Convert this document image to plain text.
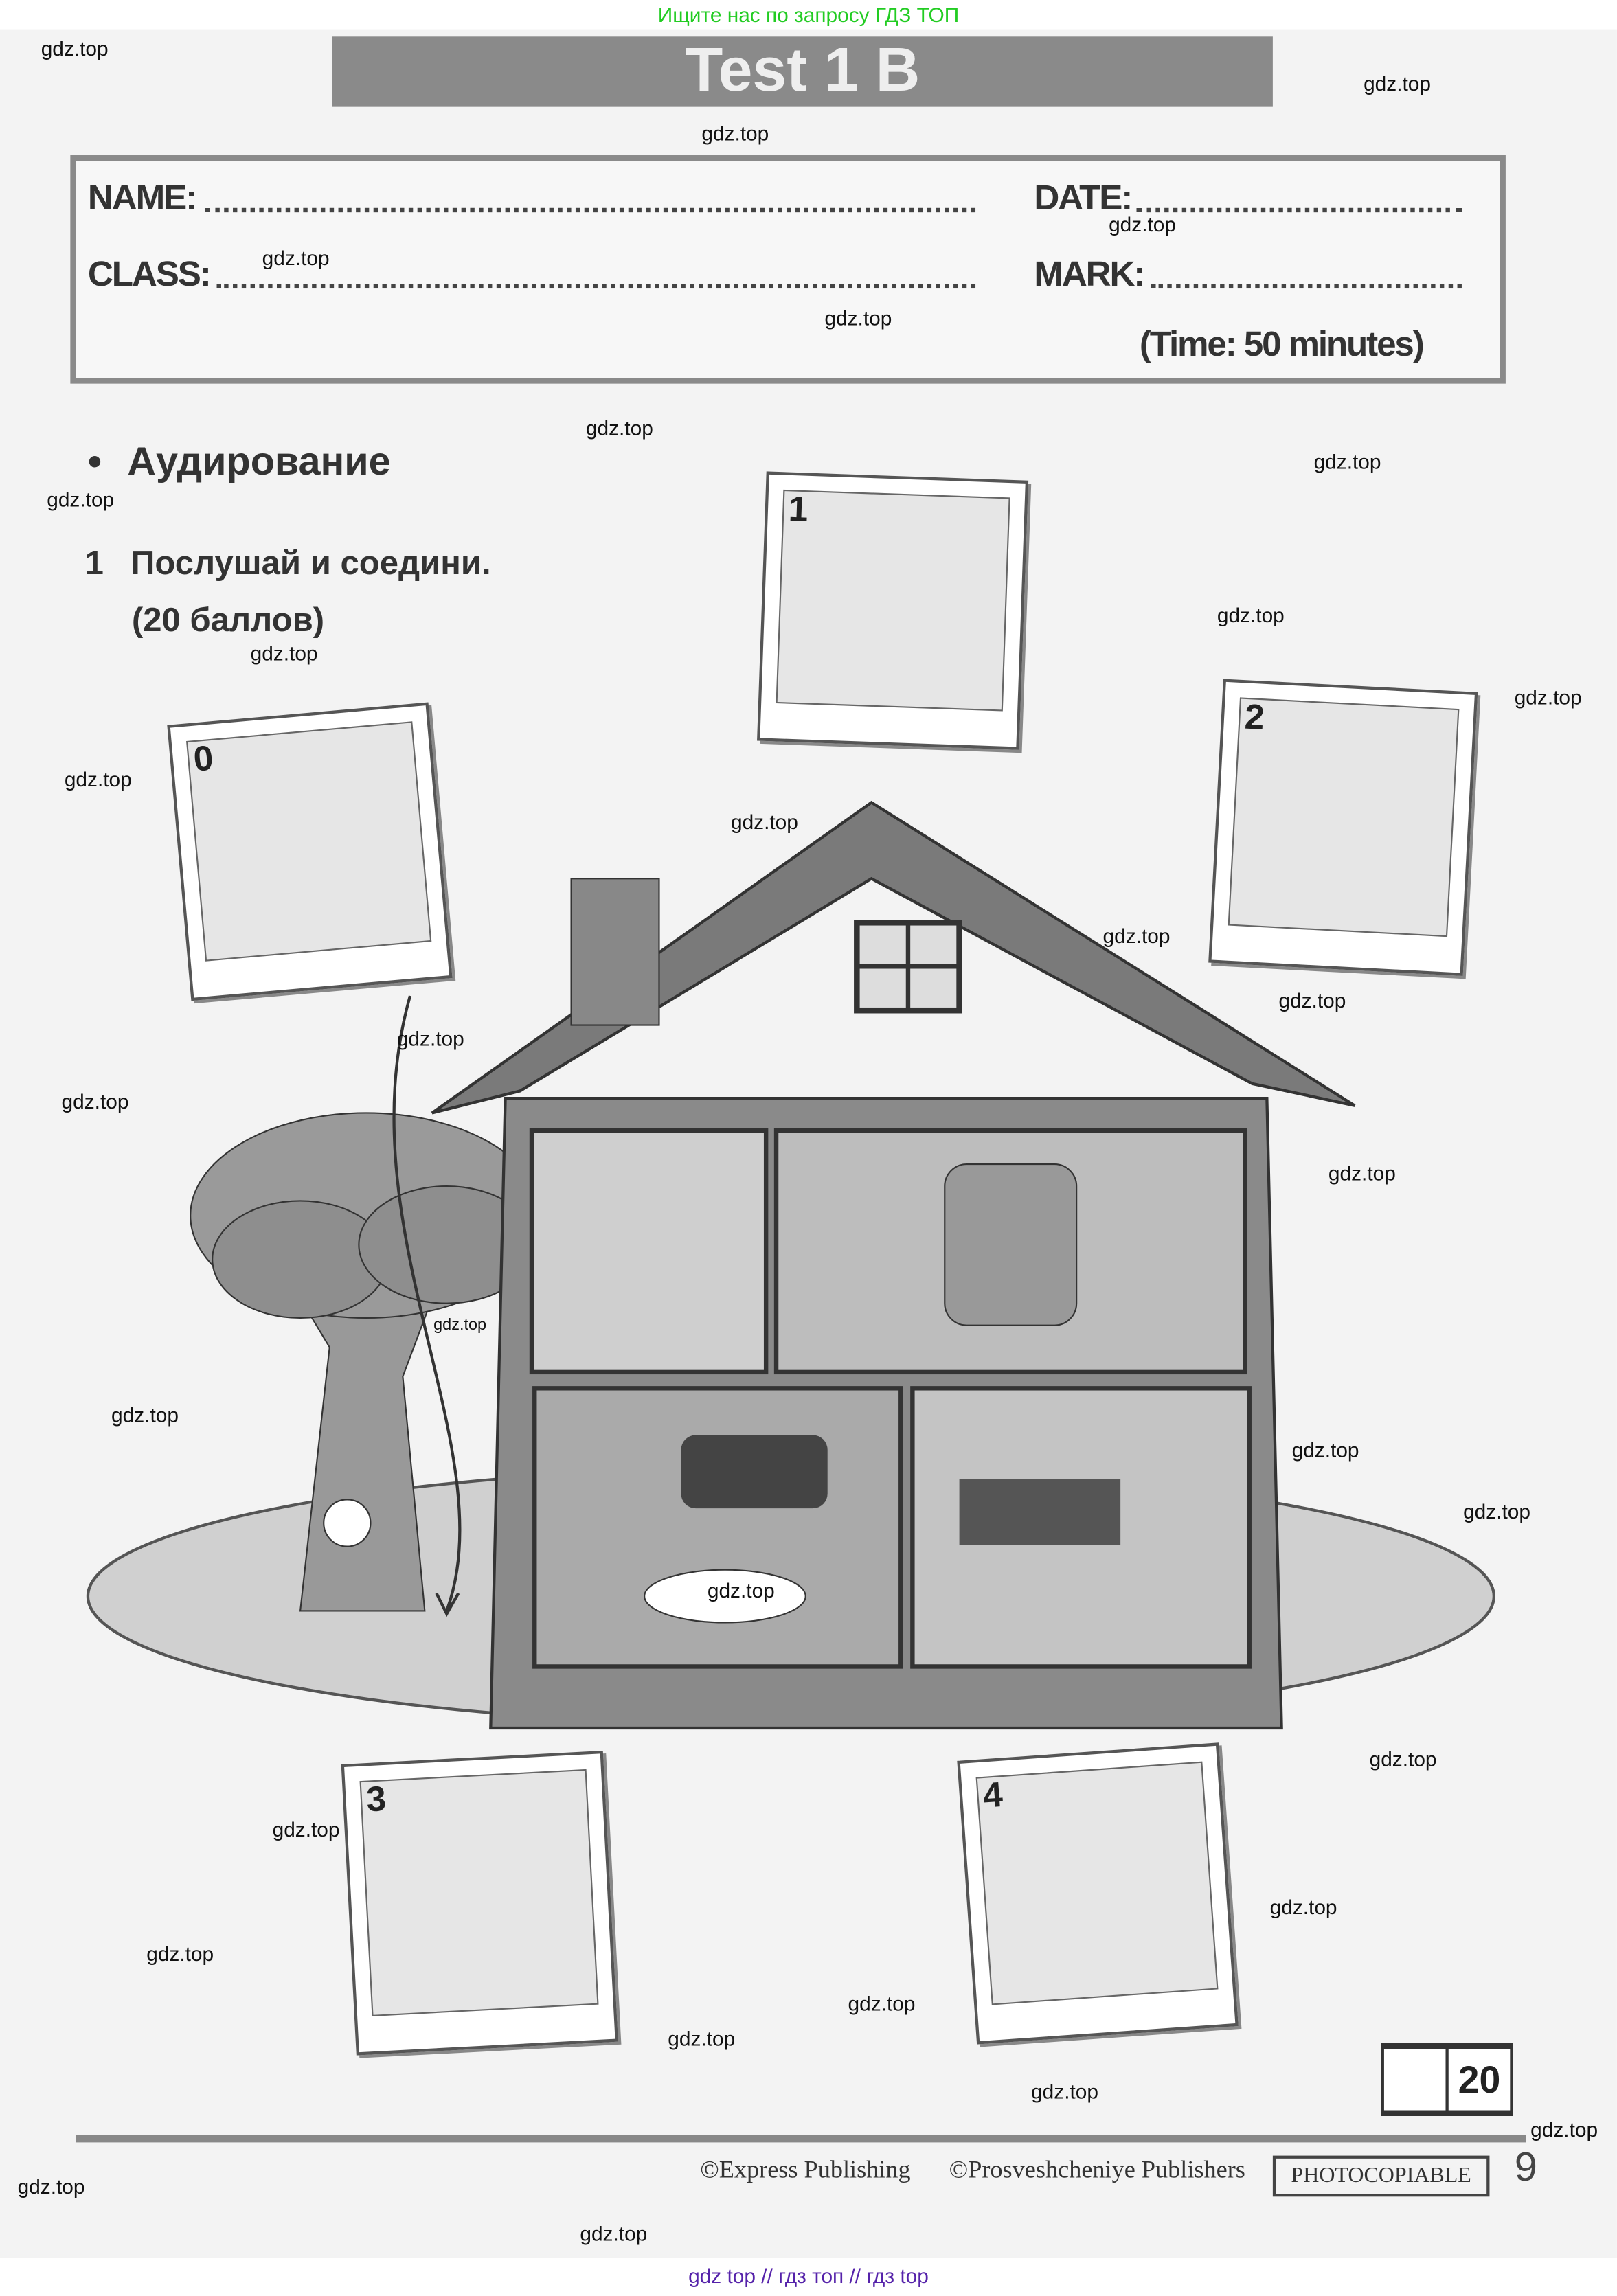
Ищите нас по запросу ГДЗ ТОП
Test 1 B
NAME:	DATE:
CLASS:	MARK:
(Time: 50 minutes)
• Аудирование
1 Послушай и соедини.
(20 баллов)
0
1
2
3	4
20
©Express Publishing	©Prosveshcheniye Publishers	PHOTOCOPIABLE	9
gdz.top
gdz.top
gdz.top
gdz.top
gdz.top
gdz.top
gdz.top
gdz.top
gdz.top
gdz.top
gdz.top
gdz.top
gdz.top
gdz.top
gdz.top
gdz.top
gdz.top
gdz.top
gdz.top
gdz.top
gdz.top
gdz.top
gdz.top
gdz.top
gdz.top
gdz.top
gdz.top
gdz.top
gdz.top
gdz.top
gdz.top
gdz.top
gdz.top
gdz.top
gdz top // гдз топ // гдз top
